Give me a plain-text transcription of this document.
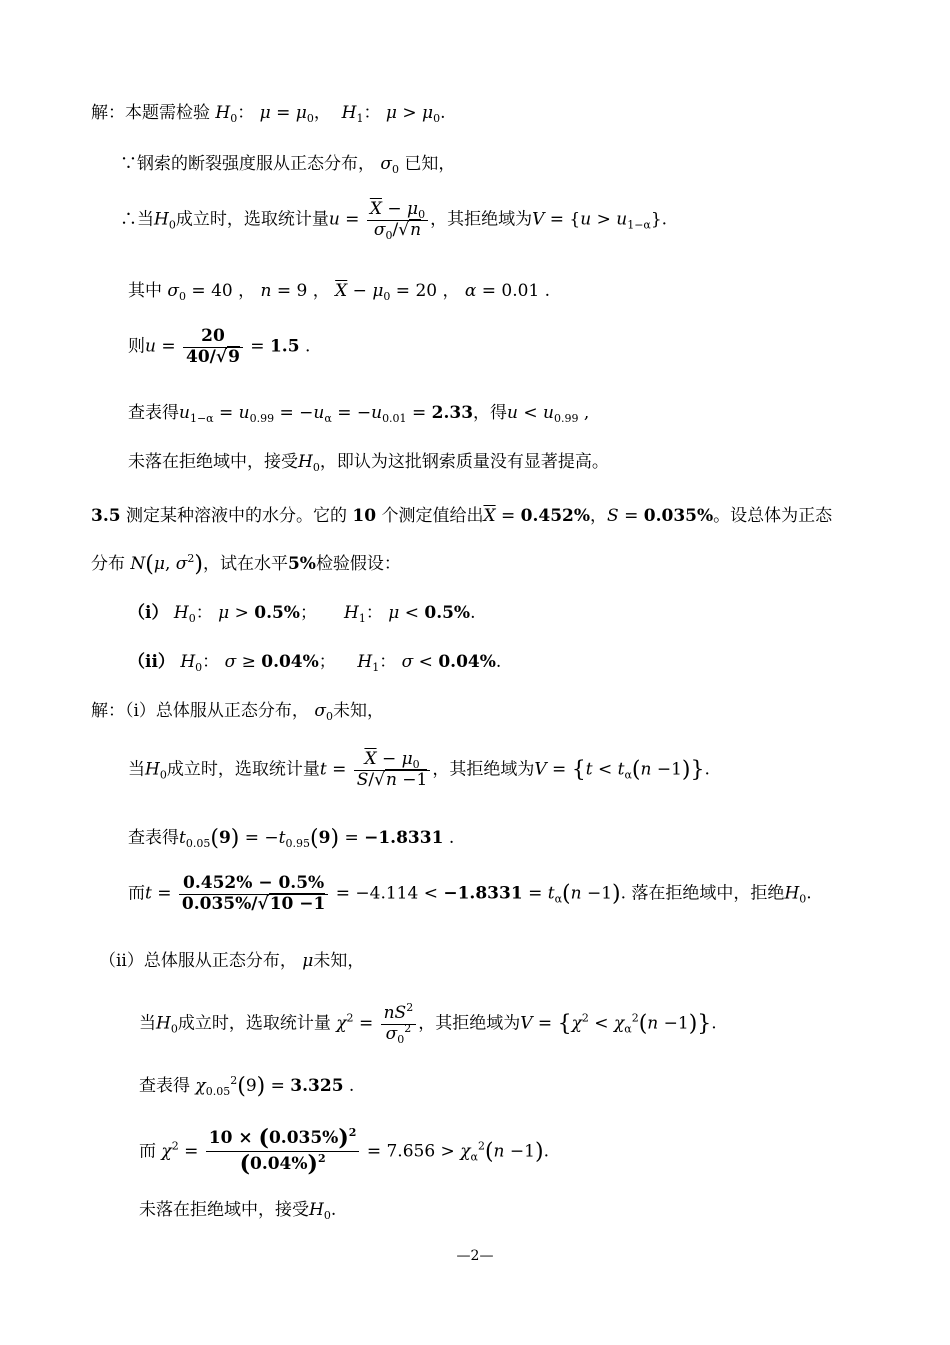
解：本题需检验 $H_0$： $\mu = \mu_0$，  $H_1$： $\mu > \mu_0$.
∵钢索的断裂强度服从正态分布， $\sigma_0$ 已知，
∴当$H_0$成立时，选取统计量$u = \frac{\overline{X} - \mu_0}{\sigma_0/√n}$ ，其拒绝域为$V = \{u > u_{1-\alpha}\}$.
其中 $\sigma_0 = 40$ ， n = 9 ， $\overline{X} - \mu_0 = 20$ ， α = 0.01 .
则$u = \frac{20}{40/√9} = 1.5$ .
查表得$u_{1-\alpha} = u_{0.99} = -u_\alpha = -u_{0.01} = 2.33$，得$u < u_{0.99}$ ,
未落在拒绝域中，接受$H_0$，即认为这批钢索质量没有显著提高。
3.5 测定某种溶液中的水分。它的 10 个测定值给出$\overline{X} = 0.452\%$，S = 0.035%。设总体为正态
分布 N(μ, $\sigma^2$)，试在水平5%检验假设：
（i） $H_0$： μ > 0.5%；     $H_1$： μ < 0.5%.
（ii） $H_0$： σ ≥ 0.04%；    $H_1$： σ < 0.04%.
解：（i）总体服从正态分布， $\sigma_0$未知，
当$H_0$成立时，选取统计量$t = \frac{\overline{X} - \mu_0}{S/√n -1}$ ，其拒绝域为$V = \{t < t_\alpha(n -1)\}$.
查表得$t_{0.05}(9) = -t_{0.95}(9) = -1.8331$ .
而$t = \frac{0.452\% - 0.5\%}{0.035\%/√10 -1} = -4.114 < -1.8331 = t_\alpha(n -1)$. 落在拒绝域中，拒绝$H_0$.
（ii）总体服从正态分布， μ未知，
当$H_0$成立时，选取统计量 $\chi^2 = \frac{nS^2}{\sigma_0^2}$ ，其拒绝域为$V = \{\chi^2 < \chi_\alpha^2(n -1)\}$.
查表得 $\chi_{0.05}^2(9) = 3.325$ .
而 $\chi^2 = \frac{10 \times (0.035\%)^2}{(0.04\%)^2} = 7.656 > \chi_\alpha^2(n -1)$.
未落在拒绝域中，接受$H_0$.
—2—
